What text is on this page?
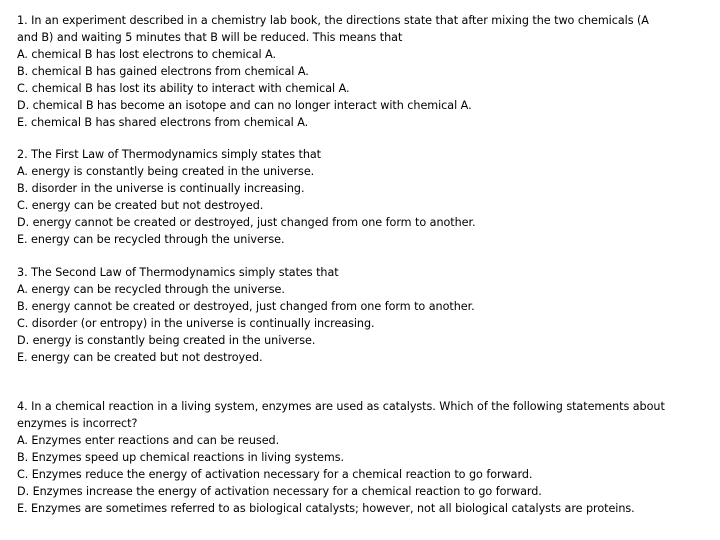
1. In an experiment described in a chemistry lab book, the directions state that after mixing the two chemicals (A
and B) and waiting 5 minutes that B will be reduced. This means that
A. chemical B has lost electrons to chemical A.
B. chemical B has gained electrons from chemical A.
C. chemical B has lost its ability to interact with chemical A.
D. chemical B has become an isotope and can no longer interact with chemical A.
E. chemical B has shared electrons from chemical A.
2. The First Law of Thermodynamics simply states that
A. energy is constantly being created in the universe.
B. disorder in the universe is continually increasing.
C. energy can be created but not destroyed.
D. energy cannot be created or destroyed, just changed from one form to another.
E. energy can be recycled through the universe.
3. The Second Law of Thermodynamics simply states that
A. energy can be recycled through the universe.
B. energy cannot be created or destroyed, just changed from one form to another.
C. disorder (or entropy) in the universe is continually increasing.
D. energy is constantly being created in the universe.
E. energy can be created but not destroyed.
4. In a chemical reaction in a living system, enzymes are used as catalysts. Which of the following statements about
enzymes is incorrect?
A. Enzymes enter reactions and can be reused.
B. Enzymes speed up chemical reactions in living systems.
C. Enzymes reduce the energy of activation necessary for a chemical reaction to go forward.
D. Enzymes increase the energy of activation necessary for a chemical reaction to go forward.
E. Enzymes are sometimes referred to as biological catalysts; however, not all biological catalysts are proteins.
